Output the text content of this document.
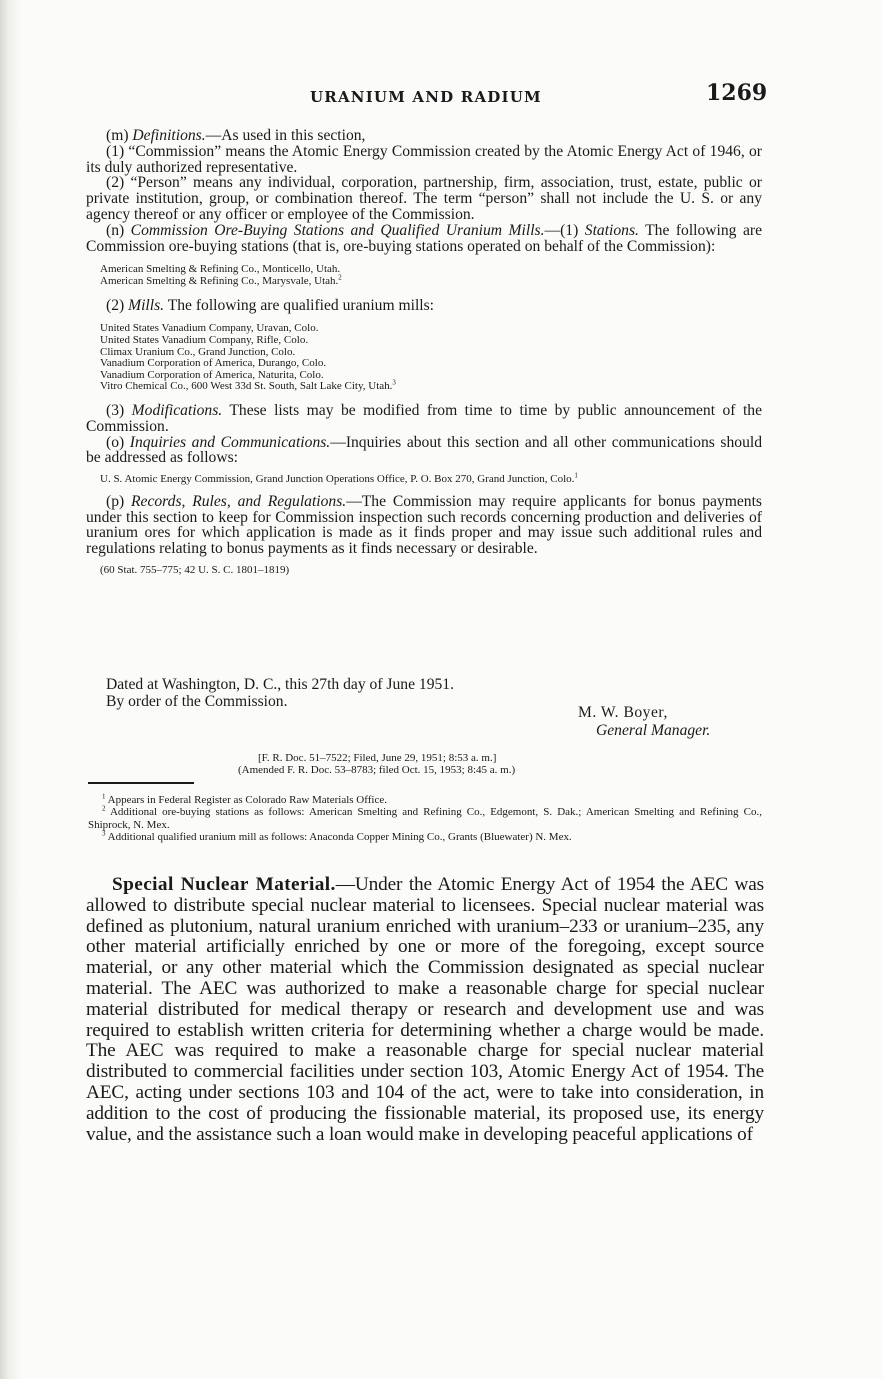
URANIUM AND RADIUM	1269

(m) Definitions.—As used in this section,

(1) “Commission” means the Atomic Energy Commission created by the Atomic Energy Act of 1946, or its duly authorized representative.

(2) “Person” means any individual, corporation, partnership, firm, association, trust, estate, public or private institution, group, or combination thereof. The term “person” shall not include the U. S. or any agency thereof or any officer or employee of the Commission.

(n) Commission Ore-Buying Stations and Qualified Uranium Mills.—(1) Stations. The following are Commission ore-buying stations (that is, ore-buying stations operated on behalf of the Commission):

American Smelting & Refining Co., Monticello, Utah.
American Smelting & Refining Co., Marysvale, Utah.$^2$

(2) Mills. The following are qualified uranium mills:

United States Vanadium Company, Uravan, Colo.
United States Vanadium Company, Rifle, Colo.
Climax Uranium Co., Grand Junction, Colo.
Vanadium Corporation of America, Durango, Colo.
Vanadium Corporation of America, Naturita, Colo.
Vitro Chemical Co., 600 West 33d St. South, Salt Lake City, Utah.$^3$

(3) Modifications. These lists may be modified from time to time by public announcement of the Commission.

(o) Inquiries and Communications.—Inquiries about this section and all other communications should be addressed as follows:

U. S. Atomic Energy Commission, Grand Junction Operations Office, P. O. Box 270, Grand Junction, Colo.$^1$

(p) Records, Rules, and Regulations.—The Commission may require applicants for bonus payments under this section to keep for Commission inspection such records concerning production and deliveries of uranium ores for which application is made as it finds proper and may issue such additional rules and regulations relating to bonus payments as it finds necessary or desirable.

(60 Stat. 755–775; 42 U. S. C. 1801–1819)

Dated at Washington, D. C., this 27th day of June 1951.
By order of the Commission.
M. W. Boyer,
General Manager.
[F. R. Doc. 51–7522; Filed, June 29, 1951; 8:53 a. m.]
(Amended F. R. Doc. 53–8783; filed Oct. 15, 1953; 8:45 a. m.)

$^1$ Appears in Federal Register as Colorado Raw Materials Office.

$^2$ Additional ore-buying stations as follows: American Smelting and Refining Co., Edgemont, S. Dak.; American Smelting and Refining Co., Shiprock, N. Mex.

$^3$ Additional qualified uranium mill as follows: Anaconda Copper Mining Co., Grants (Bluewater) N. Mex.

Special Nuclear Material.—Under the Atomic Energy Act of 1954 the AEC was allowed to distribute special nuclear material to licensees. Special nuclear material was defined as plutonium, natural uranium enriched with uranium–233 or uranium–235, any other material artificially enriched by one or more of the foregoing, except source material, or any other material which the Commission designated as special nuclear material. The AEC was authorized to make a reasonable charge for special nuclear material distributed for medical therapy or research and development use and was required to establish written criteria for determining whether a charge would be made. The AEC was required to make a reasonable charge for special nuclear material distributed to commercial facilities under section 103, Atomic Energy Act of 1954. The AEC, acting under sections 103 and 104 of the act, were to take into consideration, in addition to the cost of producing the fissionable material, its proposed use, its energy value, and the assistance such a loan would make in developing peaceful applications of
